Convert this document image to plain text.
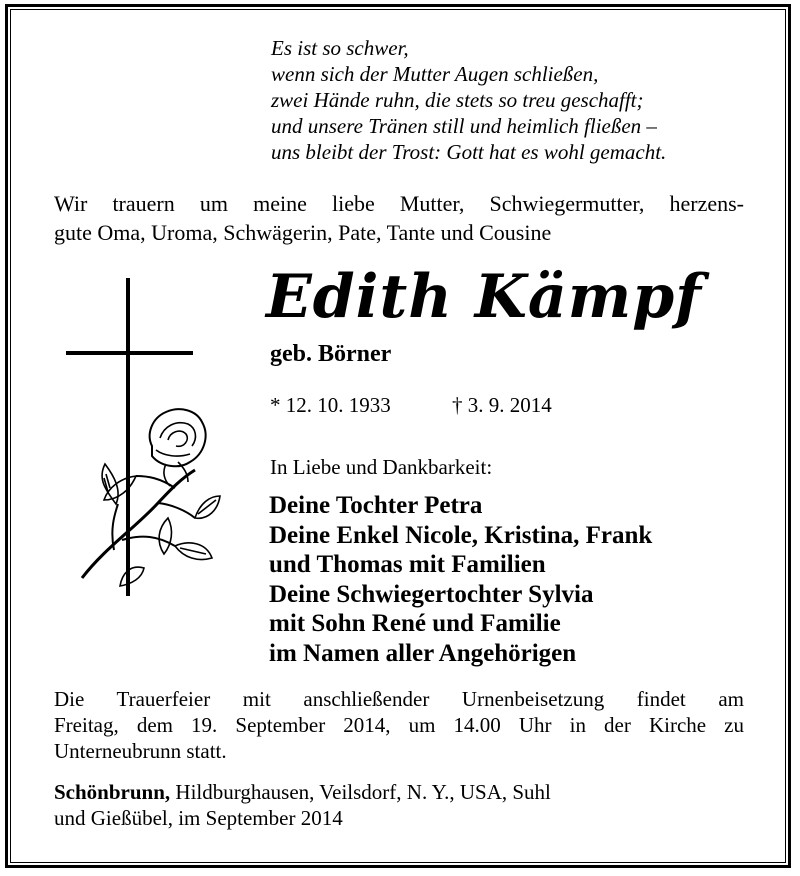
Es ist so schwer,
wenn sich der Mutter Augen schließen,
zwei Hände ruhn, die stets so treu geschafft;
und unsere Tränen still und heimlich fließen –
uns bleibt der Trost: Gott hat es wohl gemacht.
Wir trauern um meine liebe Mutter, Schwiegermutter, herzens-
gute Oma, Uroma, Schwägerin, Pate, Tante und Cousine
Edith Kämpf
geb. Börner
* 12. 10. 1933	† 3. 9. 2014
In Liebe und Dankbarkeit:
Deine Tochter Petra
Deine Enkel Nicole, Kristina, Frank
und Thomas mit Familien
Deine Schwiegertochter Sylvia
mit Sohn René und Familie
im Namen aller Angehörigen
Die Trauerfeier mit anschließender Urnenbeisetzung findet am
Freitag, dem 19. September 2014, um 14.00 Uhr in der Kirche zu
Unterneubrunn statt.
Schönbrunn, Hildburghausen, Veilsdorf, N. Y., USA, Suhl
und Gießübel, im September 2014
